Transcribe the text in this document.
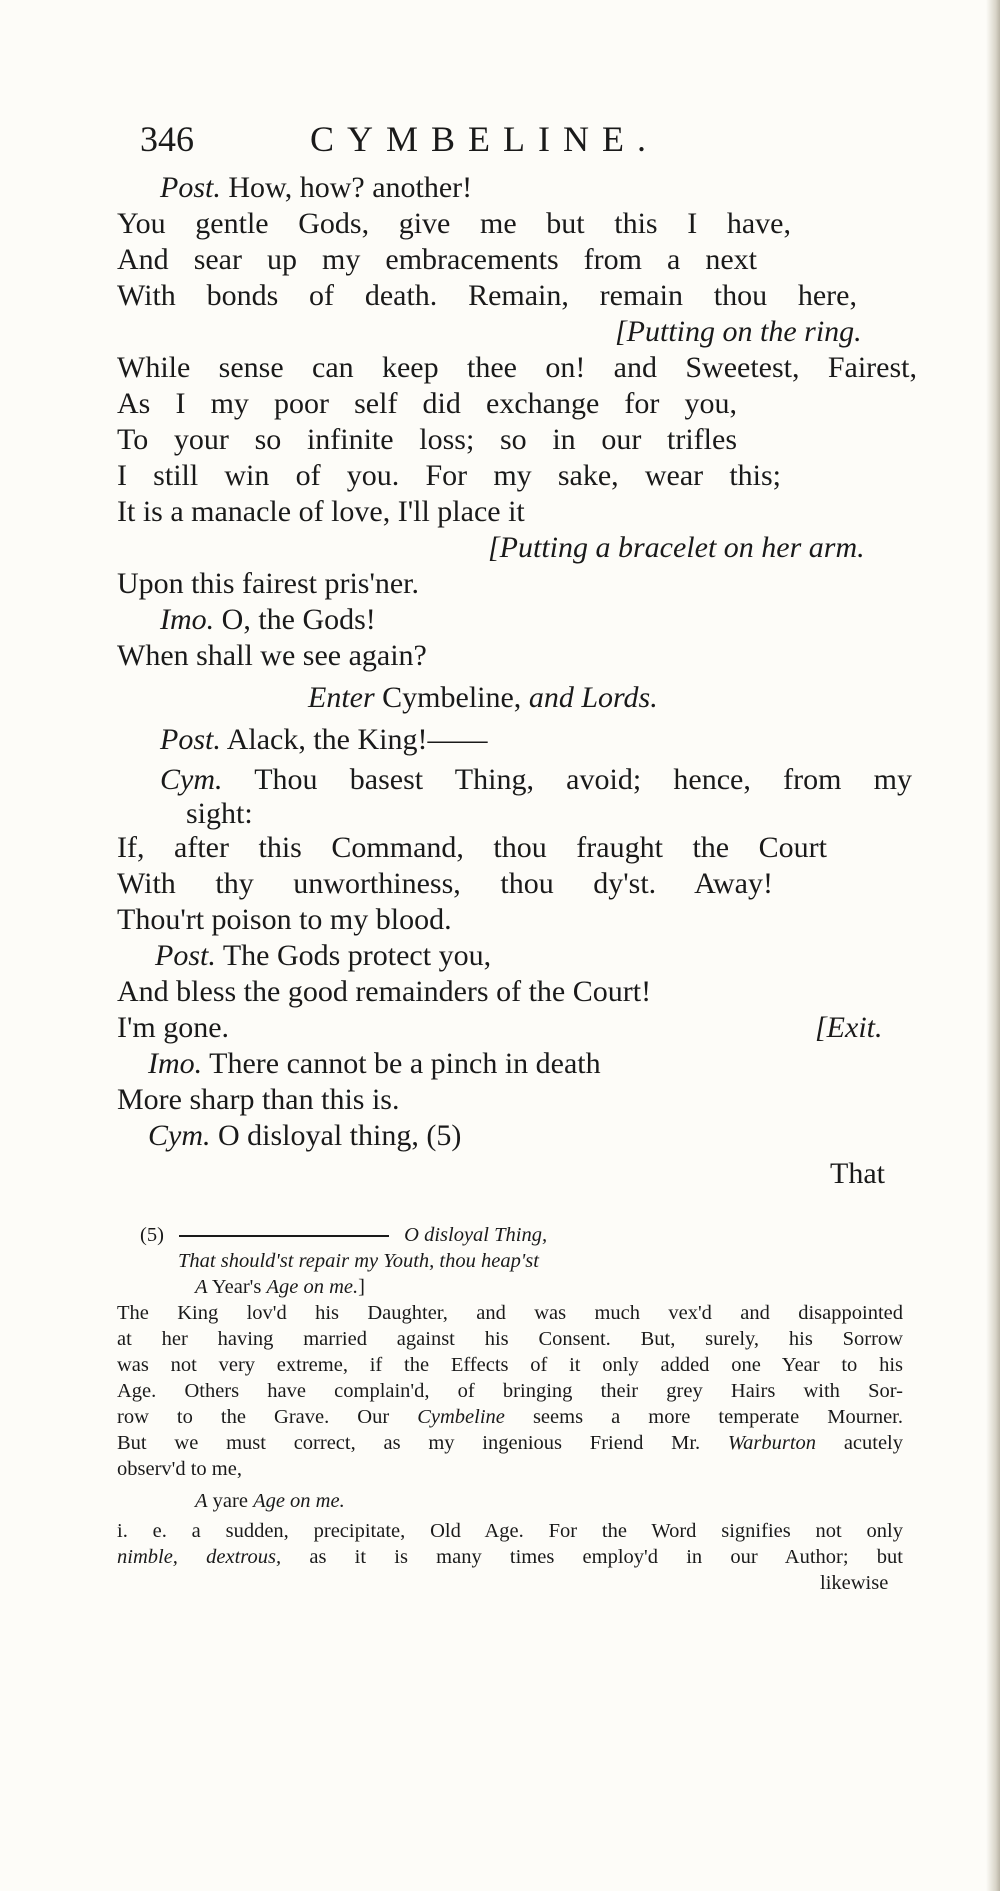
346	CYMBELINE.
Post. How, how? another!
You gentle Gods, give me but this I have,
And sear up my embracements from a next
With bonds of death. Remain, remain thou here,
[Putting on the ring.
While sense can keep thee on! and Sweetest, Fairest,
As I my poor self did exchange for you,
To your so infinite loss; so in our trifles
I still win of you. For my sake, wear this;
It is a manacle of love, I'll place it
[Putting a bracelet on her arm.
Upon this fairest pris'ner.
Imo. O, the Gods!
When shall we see again?
Enter Cymbeline, and Lords.
Post. Alack, the King!——
Cym. Thou basest Thing, avoid; hence, from my
sight:
If, after this Command, thou fraught the Court
With thy unworthiness, thou dy'st. Away!
Thou'rt poison to my blood.
Post. The Gods protect you,
And bless the good remainders of the Court!
I'm gone.	[Exit.
Imo. There cannot be a pinch in death
More sharp than this is.
Cym. O disloyal thing, (5)
That
(5)	O disloyal Thing,
That should'st repair my Youth, thou heap'st
A Year's Age on me.]
The King lov'd his Daughter, and was much vex'd and disappointed
at her having married against his Consent. But, surely, his Sorrow
was not very extreme, if the Effects of it only added one Year to his
Age. Others have complain'd, of bringing their grey Hairs with Sor-
row to the Grave. Our Cymbeline seems a more temperate Mourner.
But we must correct, as my ingenious Friend Mr. Warburton acutely
observ'd to me,
A yare Age on me.
i. e. a sudden, precipitate, Old Age. For the Word signifies not only
nimble, dextrous, as it is many times employ'd in our Author; but
likewise
